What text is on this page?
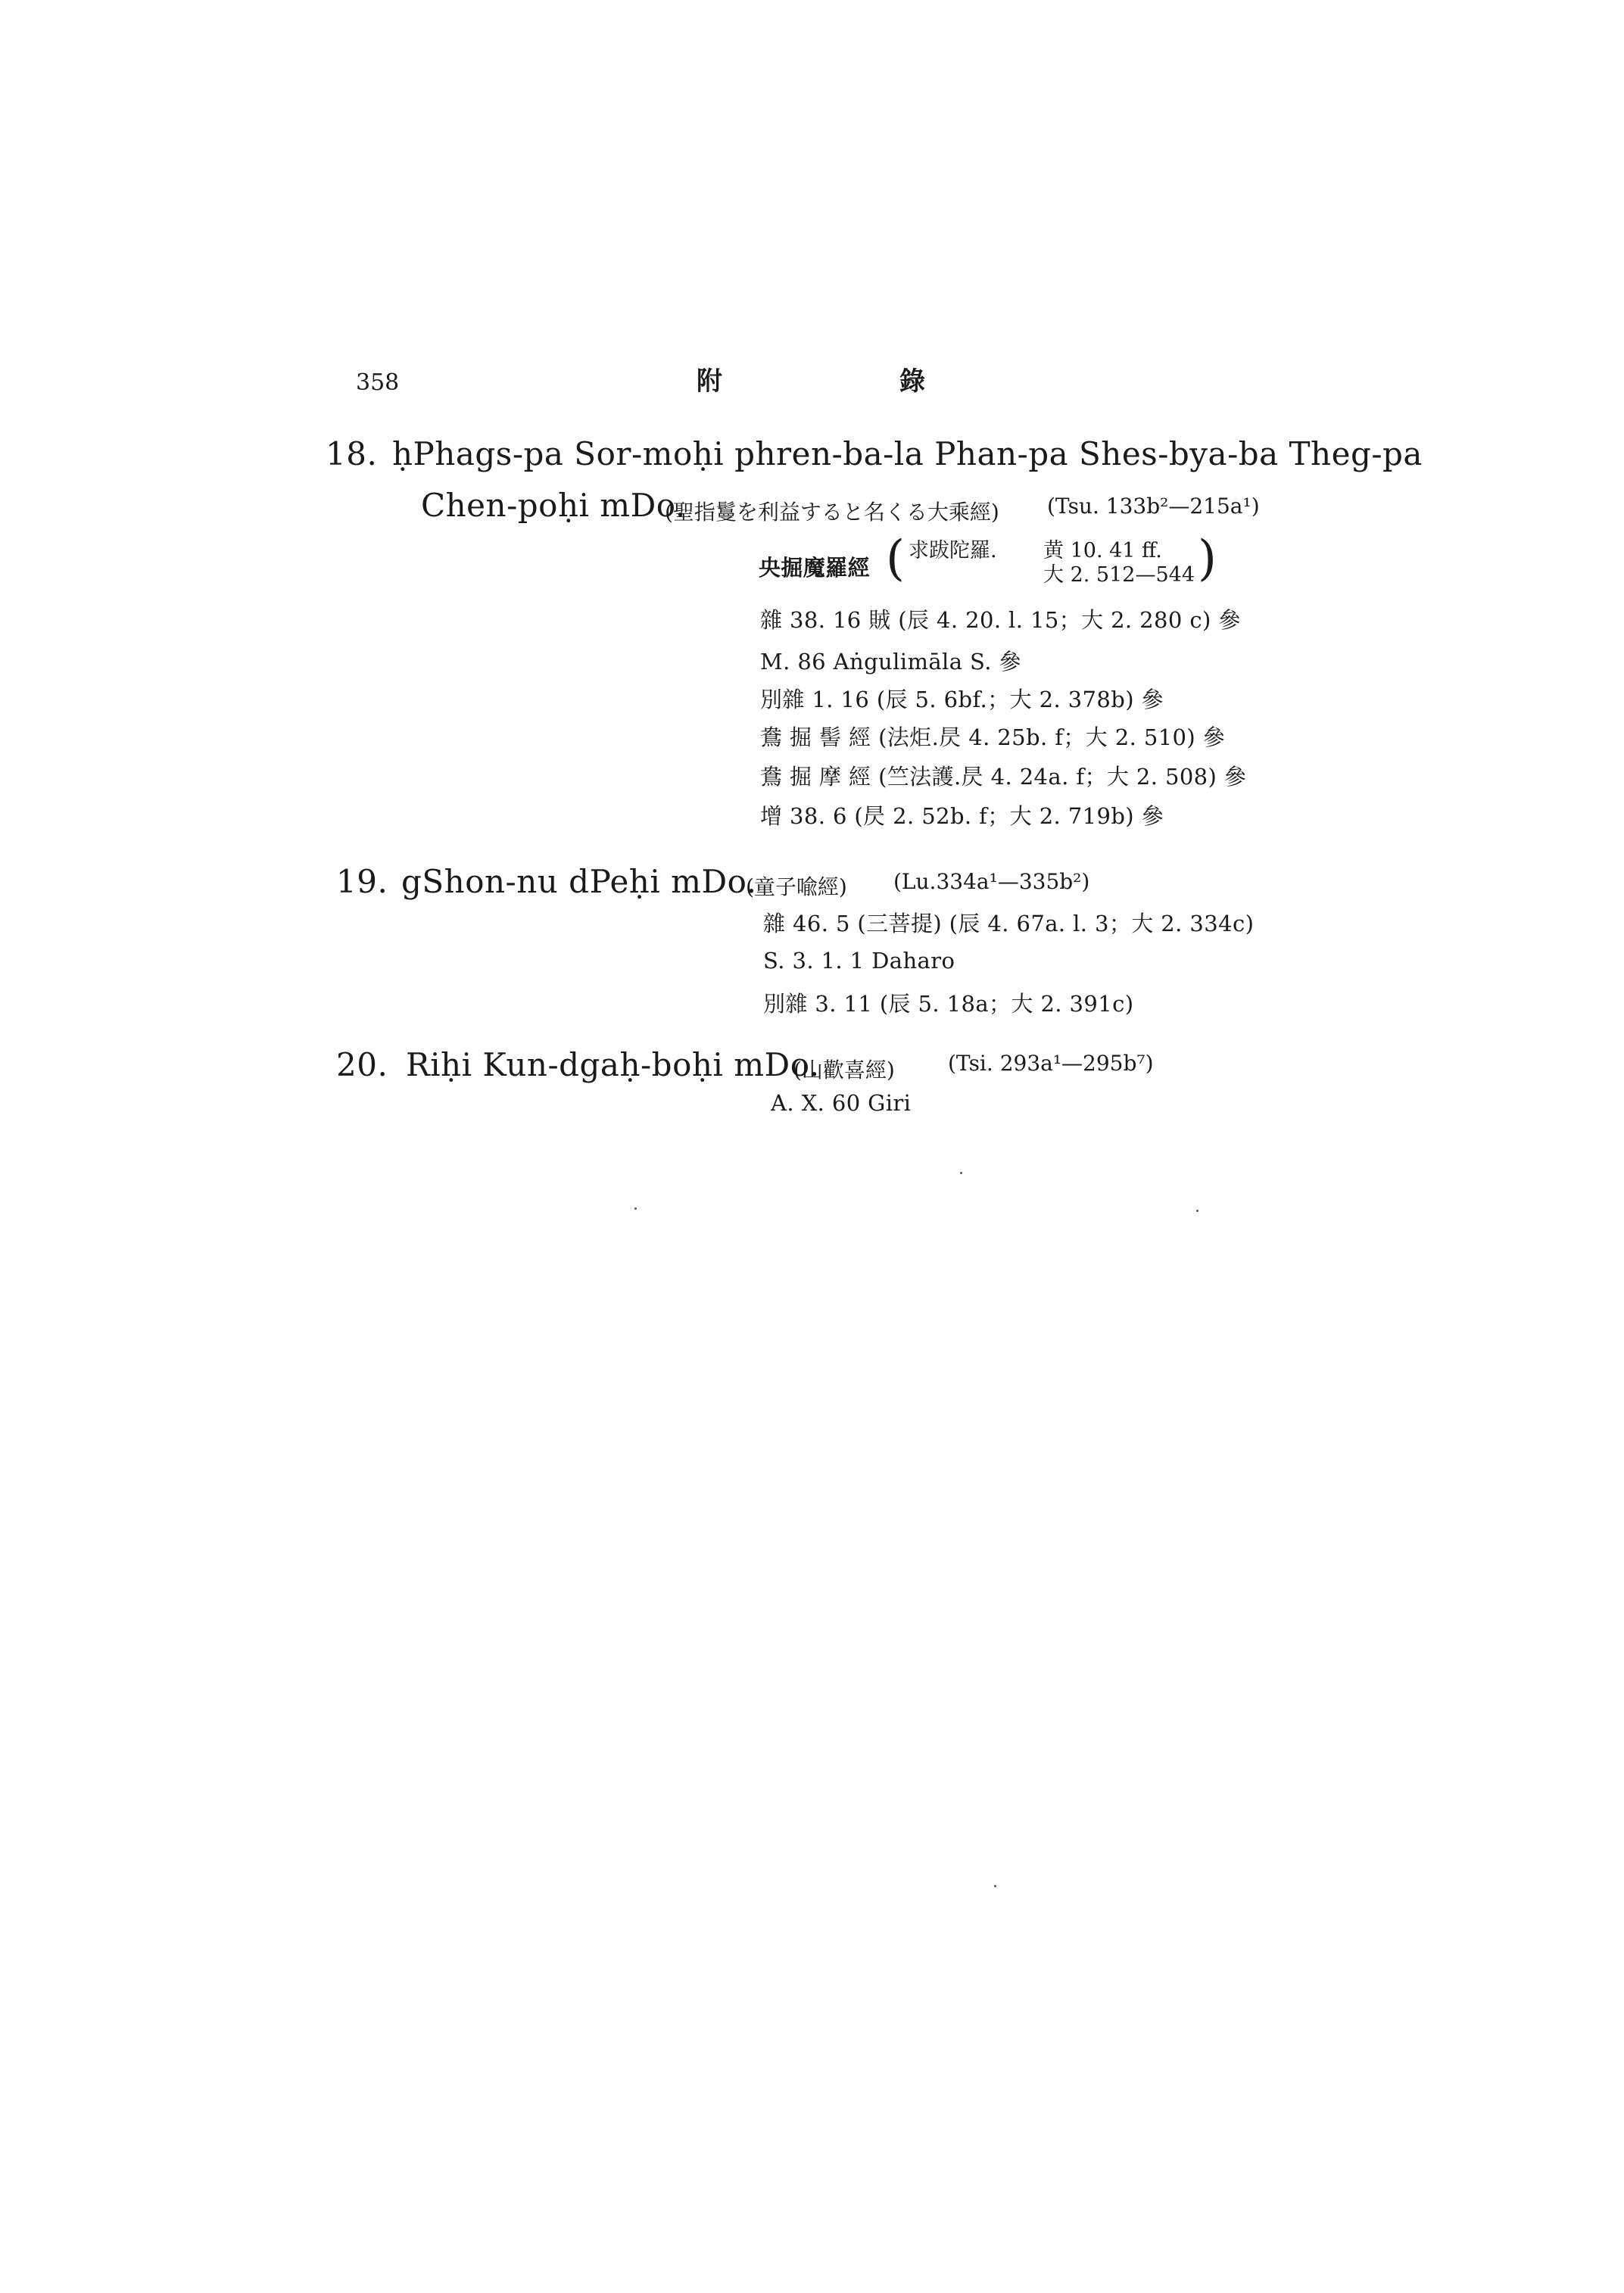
358	附	錄
18. ḥPhags-pa Sor-moḥi phren-ba-la Phan-pa Shes-bya-ba Theg-pa
Chen-poḥi mDo.
(聖指鬘を利益すると名くる大乘經) (Tsu. 133b²—215a¹)
央掘魔羅經 ( 求跋陀羅. 黄 10. 41 ff.
大 2. 512—544 )
雜 38. 16 賊 (辰 4. 20. l. 15；大 2. 280 c) 參
M. 86 Aṅgulimāla S. 參
別雜 1. 16 (辰 5. 6bf.；大 2. 378b) 參
鴦 掘 髻 經 (法炬.昃 4. 25b. f；大 2. 510) 參
鴦 掘 摩 經 (竺法護.昃 4. 24a. f；大 2. 508) 參
增 38. 6 (昃 2. 52b. f；大 2. 719b) 參
19. gShon-nu dPeḥi mDo.
(童子喩經) (Lu.334a¹—335b²)
雜 46. 5 (三菩提) (辰 4. 67a. l. 3；大 2. 334c)
S. 3. 1. 1 Daharo
別雜 3. 11 (辰 5. 18a；大 2. 391c)
20. Riḥi Kun-dgaḥ-boḥi mDo.
(山歡喜經)	(Tsi. 293a¹—295b⁷)
A. X. 60 Giri
